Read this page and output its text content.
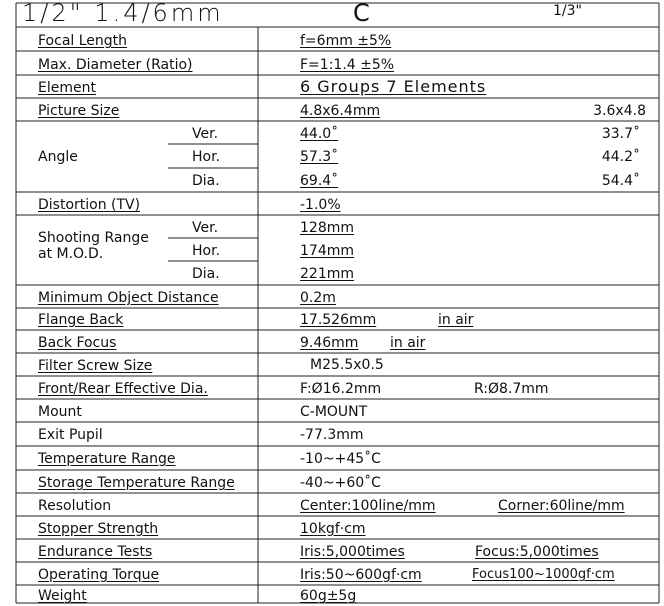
1/2" 1.4/6mm	C	1/3"
Focal Length	f=6mm ±5%
Max. Diameter (Ratio)	F=1:1.4 ±5%
Element	6 Groups 7 Elements
Picture Size	4.8x6.4mm	3.6x4.8
Angle
Ver.	44.0˚	33.7˚
Hor.	57.3˚	44.2˚
Dia.	69.4˚	54.4˚
Distortion (TV)	-1.0%
Shooting Range
at M.O.D.
Ver.	128mm
Hor.	174mm
Dia.	221mm
Minimum Object Distance	0.2m
Flange Back	17.526mm	in air
Back Focus	9.46mm in air
Filter Screw Size	M25.5x0.5
Front/Rear Effective Dia.	F:Ø16.2mm	R:Ø8.7mm
Mount	C-MOUNT
Exit Pupil	-77.3mm
Temperature Range	-10~+45˚C
Storage Temperature Range	-40~+60˚C
Resolution	Center:100line/mm	Corner:60line/mm
Stopper Strength	10kgf·cm
Endurance Tests	Iris:5,000times	Focus:5,000times
Operating Torque	Iris:50~600gf·cm	Focus100~1000gf·cm
Weight	60g±5g
